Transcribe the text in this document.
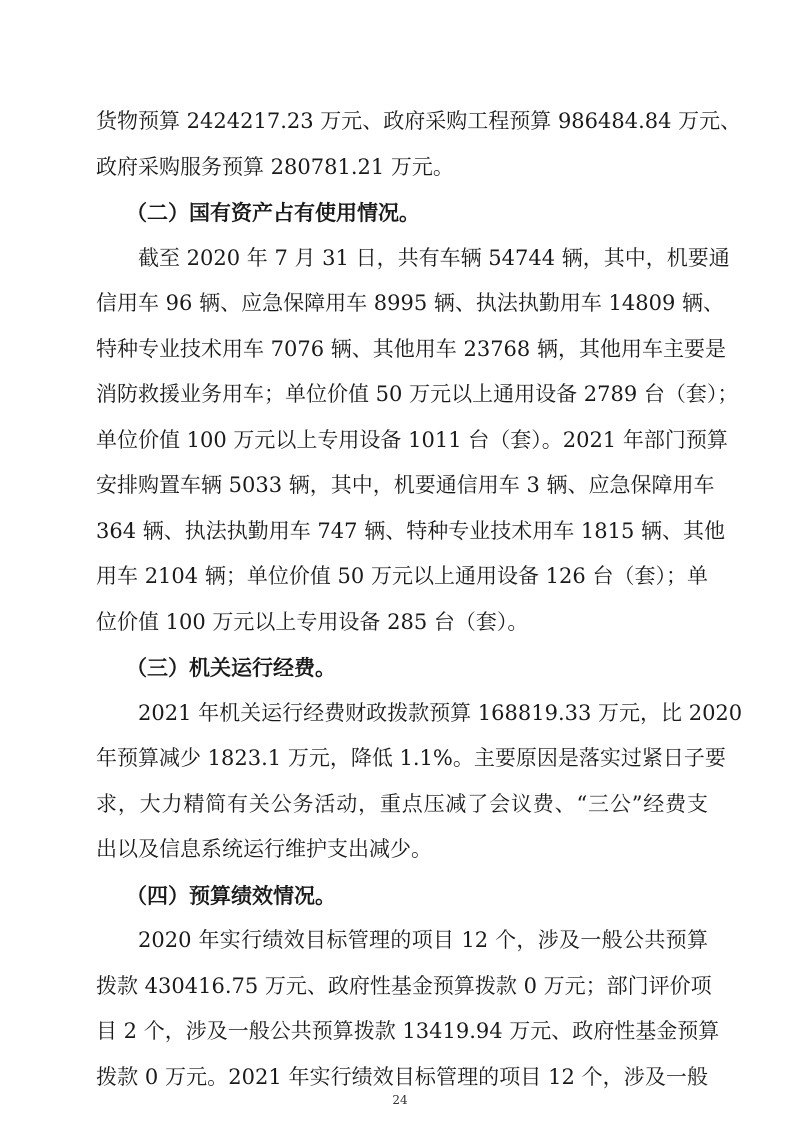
货物预算 2424217.23 万元、政府采购工程预算 986484.84 万元、
政府采购服务预算 280781.21 万元。
（二）国有资产占有使用情况。
截至 2020 年 7 月 31 日，共有车辆 54744 辆，其中，机要通
信用车 96 辆、应急保障用车 8995 辆、执法执勤用车 14809 辆、
特种专业技术用车 7076 辆、其他用车 23768 辆，其他用车主要是
消防救援业务用车；单位价值 50 万元以上通用设备 2789 台（套）；
单位价值 100 万元以上专用设备 1011 台（套）。2021 年部门预算
安排购置车辆 5033 辆，其中，机要通信用车 3 辆、应急保障用车
364 辆、执法执勤用车 747 辆、特种专业技术用车 1815 辆、其他
用车 2104 辆；单位价值 50 万元以上通用设备 126 台（套）；单
位价值 100 万元以上专用设备 285 台（套）。
（三）机关运行经费。
2021 年机关运行经费财政拨款预算 168819.33 万元，比 2020
年预算减少 1823.1 万元，降低 1.1%。主要原因是落实过紧日子要
求，大力精简有关公务活动，重点压减了会议费、“三公”经费支
出以及信息系统运行维护支出减少。
（四）预算绩效情况。
2020 年实行绩效目标管理的项目 12 个，涉及一般公共预算
拨款 430416.75 万元、政府性基金预算拨款 0 万元；部门评价项
目 2 个，涉及一般公共预算拨款 13419.94 万元、政府性基金预算
拨款 0 万元。2021 年实行绩效目标管理的项目 12 个，涉及一般
24
